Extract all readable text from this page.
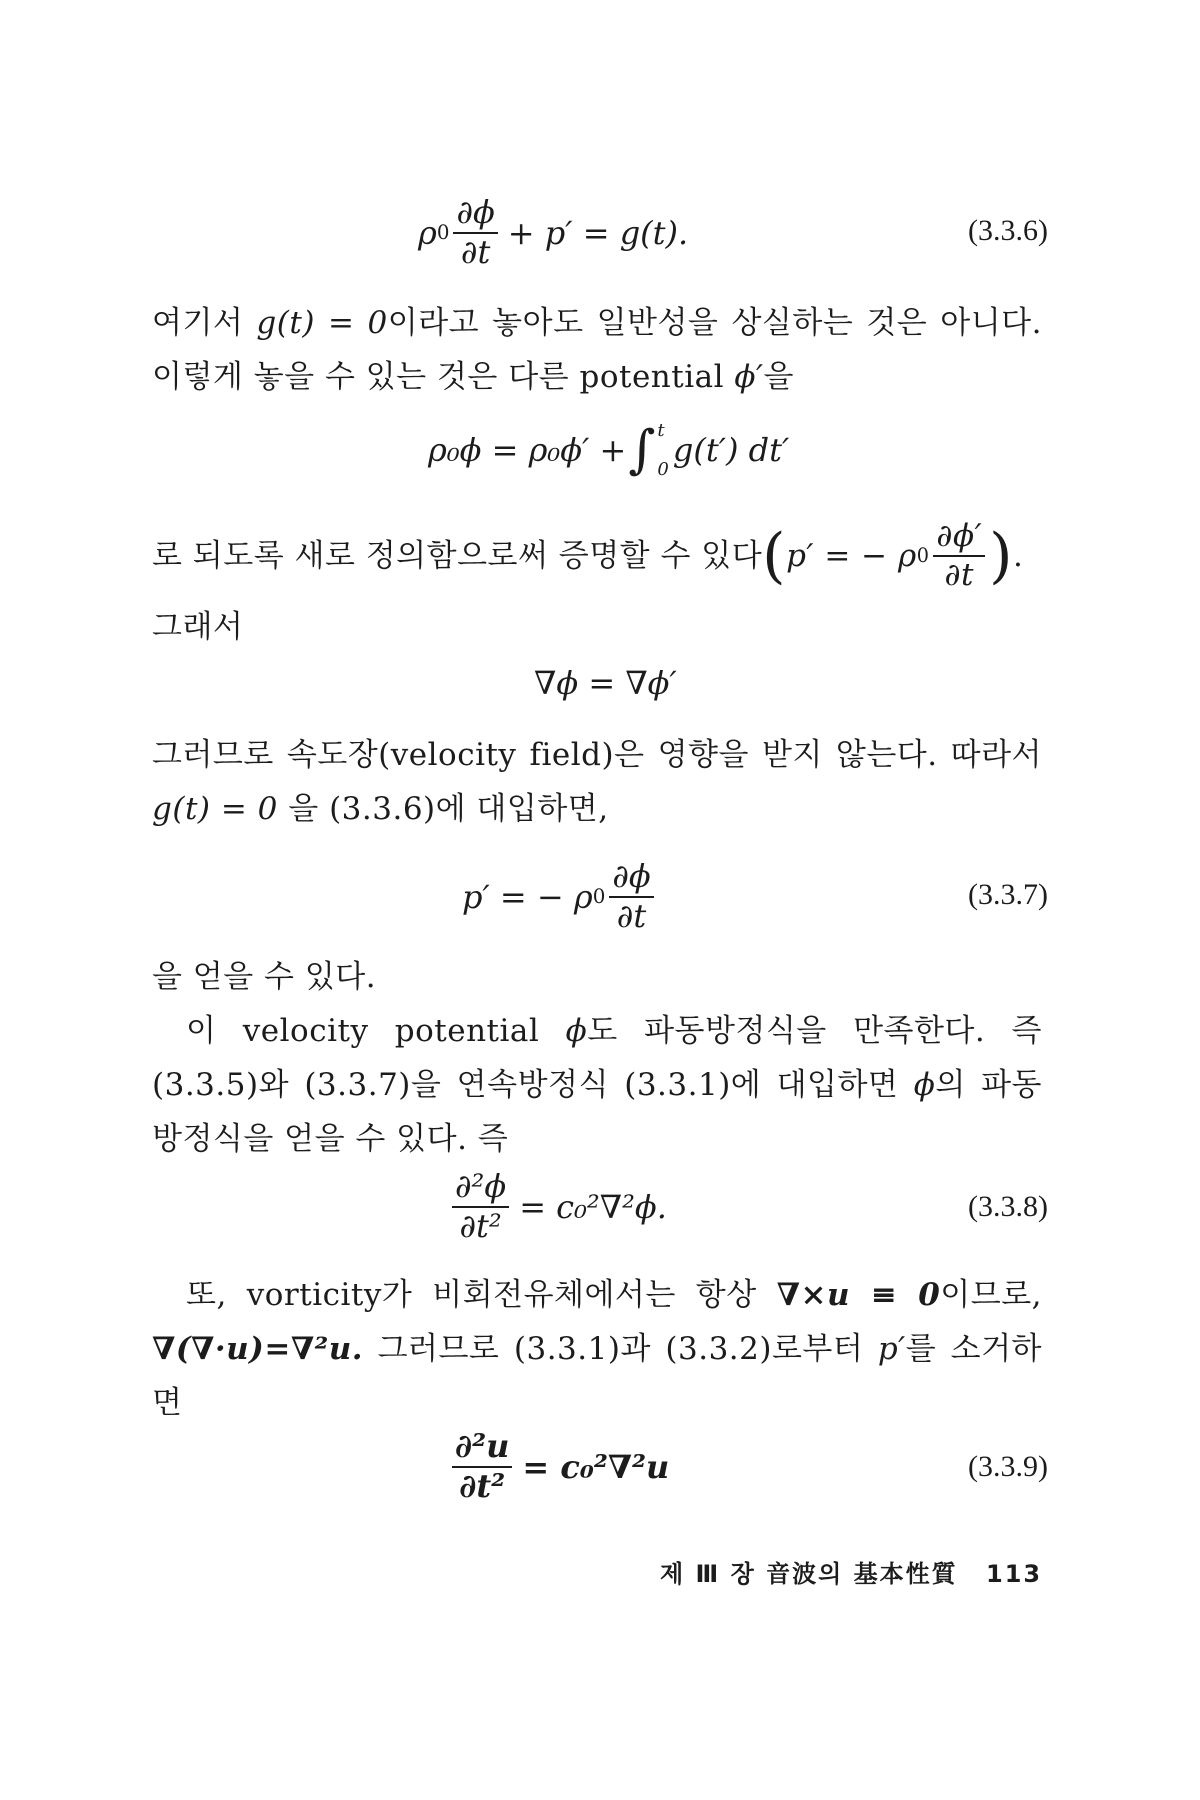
ρ $0 \frac{\partial\phi}{\partial t} + p' = g(t)$.	(3.3.6)

여기서 g(t) = 0이라고 놓아도 일반성을 상실하는 것은 아니다. 이렇게 놓을 수 있는 것은 다른 potential ϕ′을

ρ₀ϕ = ρ₀ϕ′ + ∫ t
0
g(t′) dt′
로 되도록 새로 정의함으로써 증명할 수 있다 ( p′ = − ρ $0 \frac{\partial\phi'}{\partial t}$ ) .

그래서

∇ϕ = ∇ϕ′

그러므로 속도장(velocity field)은 영향을 받지 않는다. 따라서 g(t) = 0 을 (3.3.6)에 대입하면,

p′ = − ρ $0 \frac{\partial\phi}{\partial t}$	(3.3.7)

을 얻을 수 있다.

이 velocity potential ϕ도 파동방정식을 만족한다. 즉 (3.3.5)와 (3.3.7)을 연속방정식 (3.3.1)에 대입하면 ϕ의 파동방정식을 얻을 수 있다. 즉

$\frac{\text{∂²ϕ}}{\text{∂t²}} = c_0^2\nabla^2\phi$.	(3.3.8)

또, vorticity가 비회전유체에서는 항상 ∇×u ≡ 0이므로, ∇(∇·u)=∇²u. 그러므로 (3.3.1)과 (3.3.2)로부터 p′를 소거하면

$\frac{\text{∂²u}}{\text{∂t²}} = c_0^2\nabla^2u$	(3.3.9)
제 Ⅲ 장 音波의 基本性質 113
